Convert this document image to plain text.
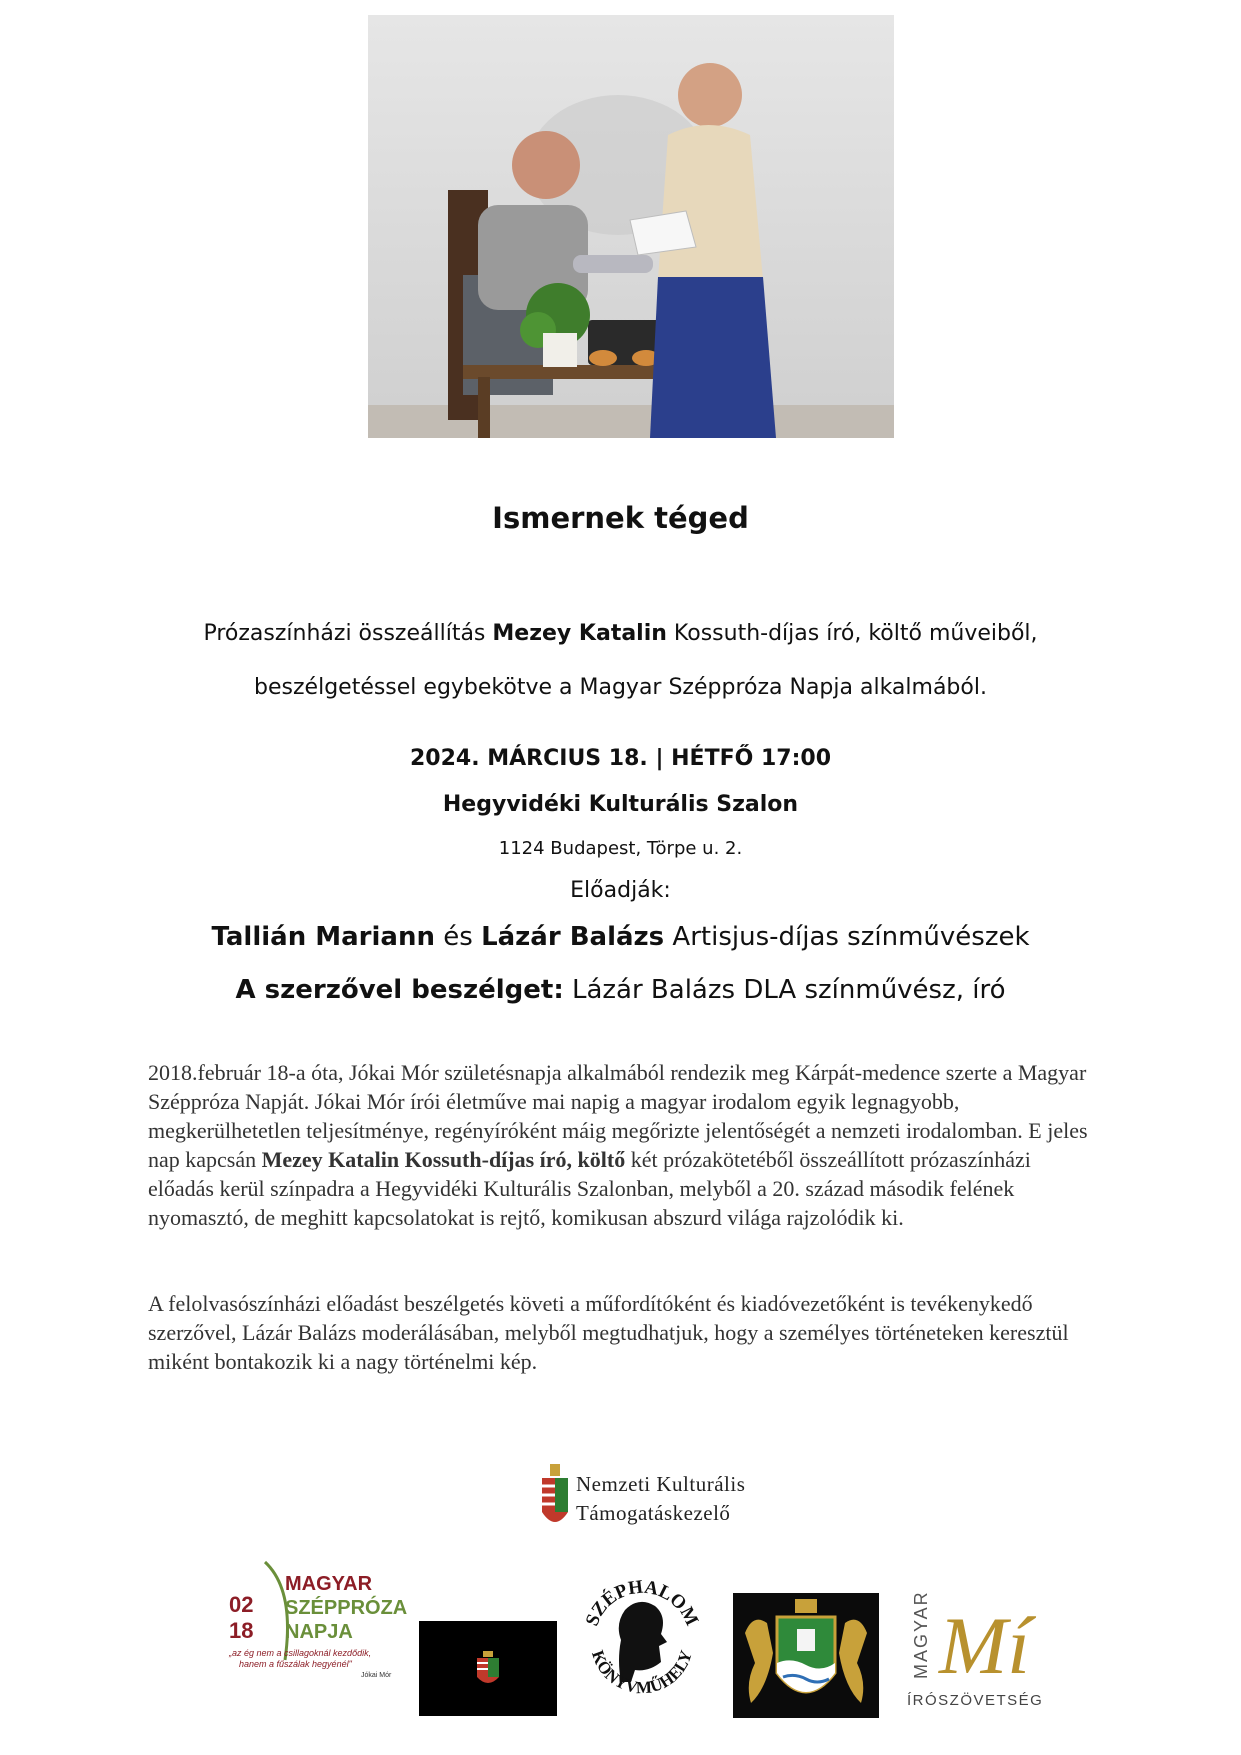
Ismernek téged
Prózaszínházi összeállítás Mezey Katalin Kossuth-díjas író, költő műveiből,
beszélgetéssel egybekötve a Magyar Széppróza Napja alkalmából.
2024. MÁRCIUS 18. | HÉTFŐ 17:00
Hegyvidéki Kulturális Szalon
1124 Budapest, Törpe u. 2.
Előadják:
Tallián Mariann és Lázár Balázs Artisjus-díjas színművészek
A szerzővel beszélget: Lázár Balázs DLA színművész, író
2018.február 18-a óta, Jókai Mór születésnapja alkalmából rendezik meg Kárpát-medence szerte a Magyar Széppróza Napját. Jókai Mór írói életműve mai napig a magyar irodalom egyik legnagyobb, megkerülhetetlen teljesítménye, regényíróként máig megőrizte jelentőségét a nemzeti irodalomban. E jeles nap kapcsán Mezey Katalin Kossuth-díjas író, költő két prózakötetéből összeállított prózaszínházi előadás kerül színpadra a Hegyvidéki Kulturális Szalonban, melyből a 20. század második felének nyomasztó, de meghitt kapcsolatokat is rejtő, komikusan abszurd világa rajzolódik ki.
A felolvasószínházi előadást beszélgetés követi a műfordítóként és kiadóvezetőként is tevékenykedő szerzővel, Lázár Balázs moderálásában, melyből megtudhatjuk, hogy a személyes történeteken keresztül miként bontakozik ki a nagy történelmi kép.
Nemzeti Kulturális
Támogatáskezelő
02
18
MAGYAR
SZÉPPRÓZA
NAPJA
„az ég nem a csillagoknál kezdődik,
hanem a fűszálak hegyénél"
Jókai Mór
SZÉPHALOM
KÖNYVMŰHELY	MAGYAR Mí
ÍRÓSZÖVETSÉG
